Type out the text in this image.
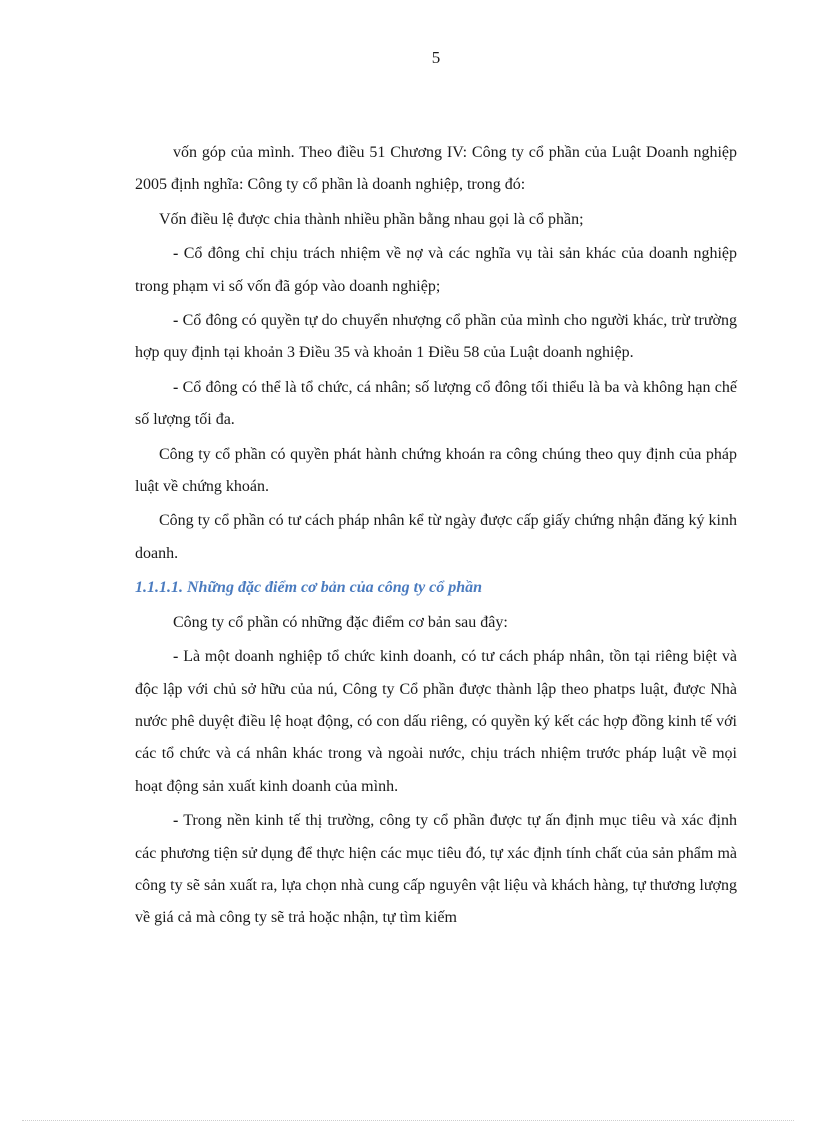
5

vốn góp của mình. Theo điều 51 Chương IV: Công ty cổ phần của Luật Doanh nghiệp 2005 định nghĩa: Công ty cổ phần là doanh nghiệp, trong đó:

Vốn điều lệ được chia thành nhiều phần bằng nhau gọi là cổ phần;

- Cổ đông chỉ chịu trách nhiệm về nợ và các nghĩa vụ tài sản khác của doanh nghiệp trong phạm vi số vốn đã góp vào doanh nghiệp;

- Cổ đông có quyền tự do chuyển nhượng cổ phần của mình cho người khác, trừ trường hợp quy định tại khoản 3 Điều 35 và khoản 1 Điều 58 của Luật doanh nghiệp.

- Cổ đông có thể là tổ chức, cá nhân; số lượng cổ đông tối thiểu là ba và không hạn chế số lượng tối đa.

Công ty cổ phần có quyền phát hành chứng khoán ra công chúng theo quy định của pháp luật về chứng khoán.

Công ty cổ phần có tư cách pháp nhân kể từ ngày được cấp giấy chứng nhận đăng ký kinh doanh.

1.1.1.1. Những đặc điểm cơ bản của công ty cổ phần

Công ty cổ phần có những đặc điểm cơ bản sau đây:

- Là một doanh nghiệp tổ chức kinh doanh, có tư cách pháp nhân, tồn tại riêng biệt và độc lập với chủ sở hữu của nú, Công ty Cổ phần được thành lập theo phatps luật, được Nhà nước phê duyệt điều lệ hoạt động, có con dấu riêng, có quyền ký kết các hợp đồng kinh tế với các tổ chức và cá nhân khác trong và ngoài nước, chịu trách nhiệm trước pháp luật về mọi hoạt động sản xuất kinh doanh của mình.

- Trong nền kinh tế thị trường, công ty cổ phần được tự ấn định mục tiêu và xác định các phương tiện sử dụng để thực hiện các mục tiêu đó, tự xác định tính chất của sản phẩm mà công ty sẽ sản xuất ra, lựa chọn nhà cung cấp nguyên vật liệu và khách hàng, tự thương lượng về giá cả mà công ty sẽ trả hoặc nhận, tự tìm kiếm
